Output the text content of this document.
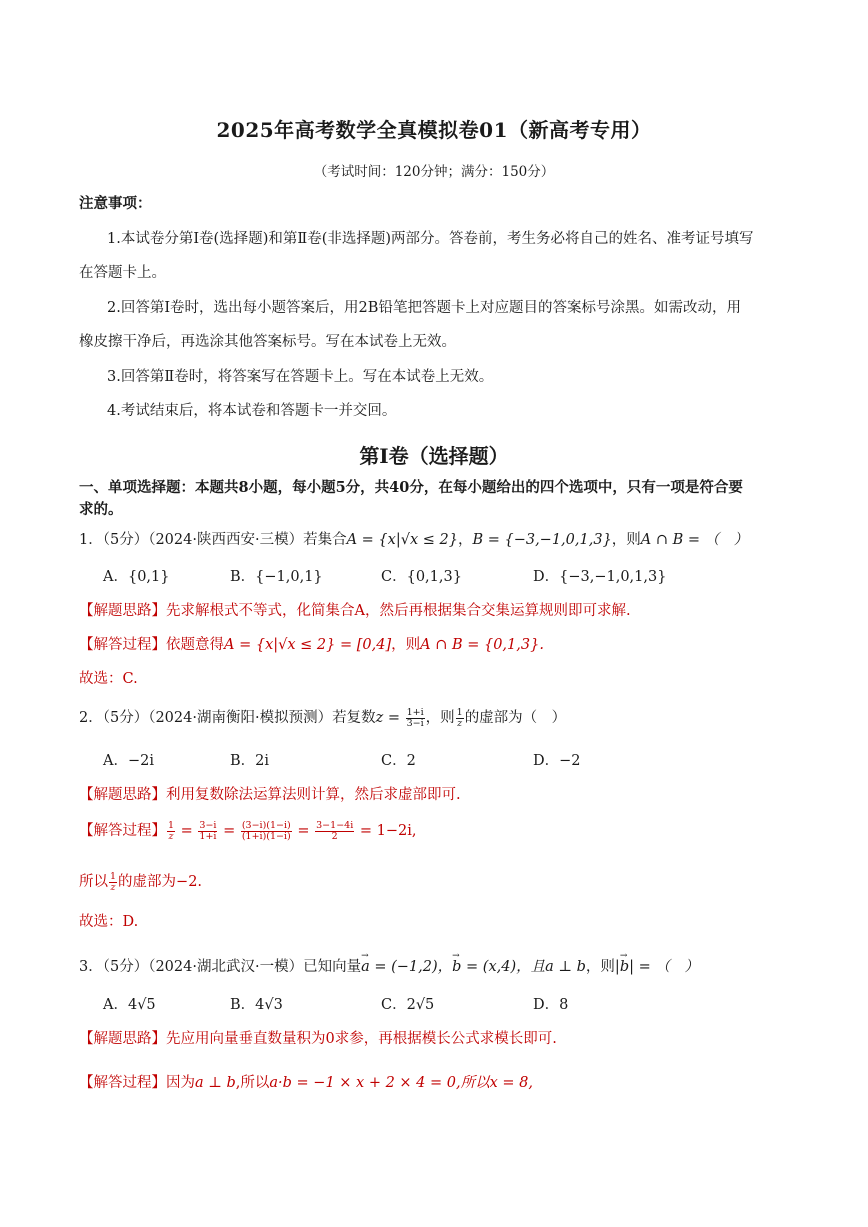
2025年高考数学全真模拟卷01（新高考专用）
（考试时间：120分钟；满分：150分）
注意事项：
1.本试卷分第Ⅰ卷(选择题)和第Ⅱ卷(非选择题)两部分。答卷前，考生务必将自己的姓名、准考证号填写
在答题卡上。
2.回答第Ⅰ卷时，选出每小题答案后，用2B铅笔把答题卡上对应题目的答案标号涂黑。如需改动，用
橡皮擦干净后，再选涂其他答案标号。写在本试卷上无效。
3.回答第Ⅱ卷时，将答案写在答题卡上。写在本试卷上无效。
4.考试结束后，将本试卷和答题卡一并交回。
第Ⅰ卷（选择题）
一、单项选择题：本题共8小题，每小题5分，共40分，在每小题给出的四个选项中，只有一项是符合要
求的。
1．（5分）（2024·陕西西安·三模）若集合A = {x|√x ≤ 2}，B = {−3,−1,0,1,3}，则A ∩ B = （　）
A．{0,1}	B．{−1,0,1}	C．{0,1,3}	D．{−3,−1,0,1,3}
【解题思路】先求解根式不等式，化简集合A，然后再根据集合交集运算规则即可求解.
【解答过程】依题意得A = {x|√x ≤ 2} = [0,4]，则A ∩ B = {0,1,3}.
故选：C.
2．（5分）（2024·湖南衡阳·模拟预测）若复数$z = \frac{1+i}{3-i}$ ，则 $\frac{1}{z}$ 的虚部为（　）
A．−2i	B．2i	C．2	D．−2
【解题思路】利用复数除法运算法则计算，然后求虚部即可.
【解答过程】 $\frac{1}{z} = \frac{3-i}{1+i} = \frac{(3-i)(1-i)}{(1+i)(1-i)} = \frac{3-1-4i}{2} = 1-2i$,
所以 $\frac{1}{z}$ 的虚部为−2.
故选：D.
3．（5分）（2024·湖北武汉·一模）已知向量→ a = (−1,2)，→ b = (x,4)，且a ⊥ b，则|→ b| = （　）
A．4√5	B．4√3	C．2√5	D．8
【解题思路】先应用向量垂直数量积为0求参，再根据模长公式求模长即可.
【解答过程】因为a ⊥ b,所以a·b = −1 × x + 2 × 4 = 0,所以x = 8,
